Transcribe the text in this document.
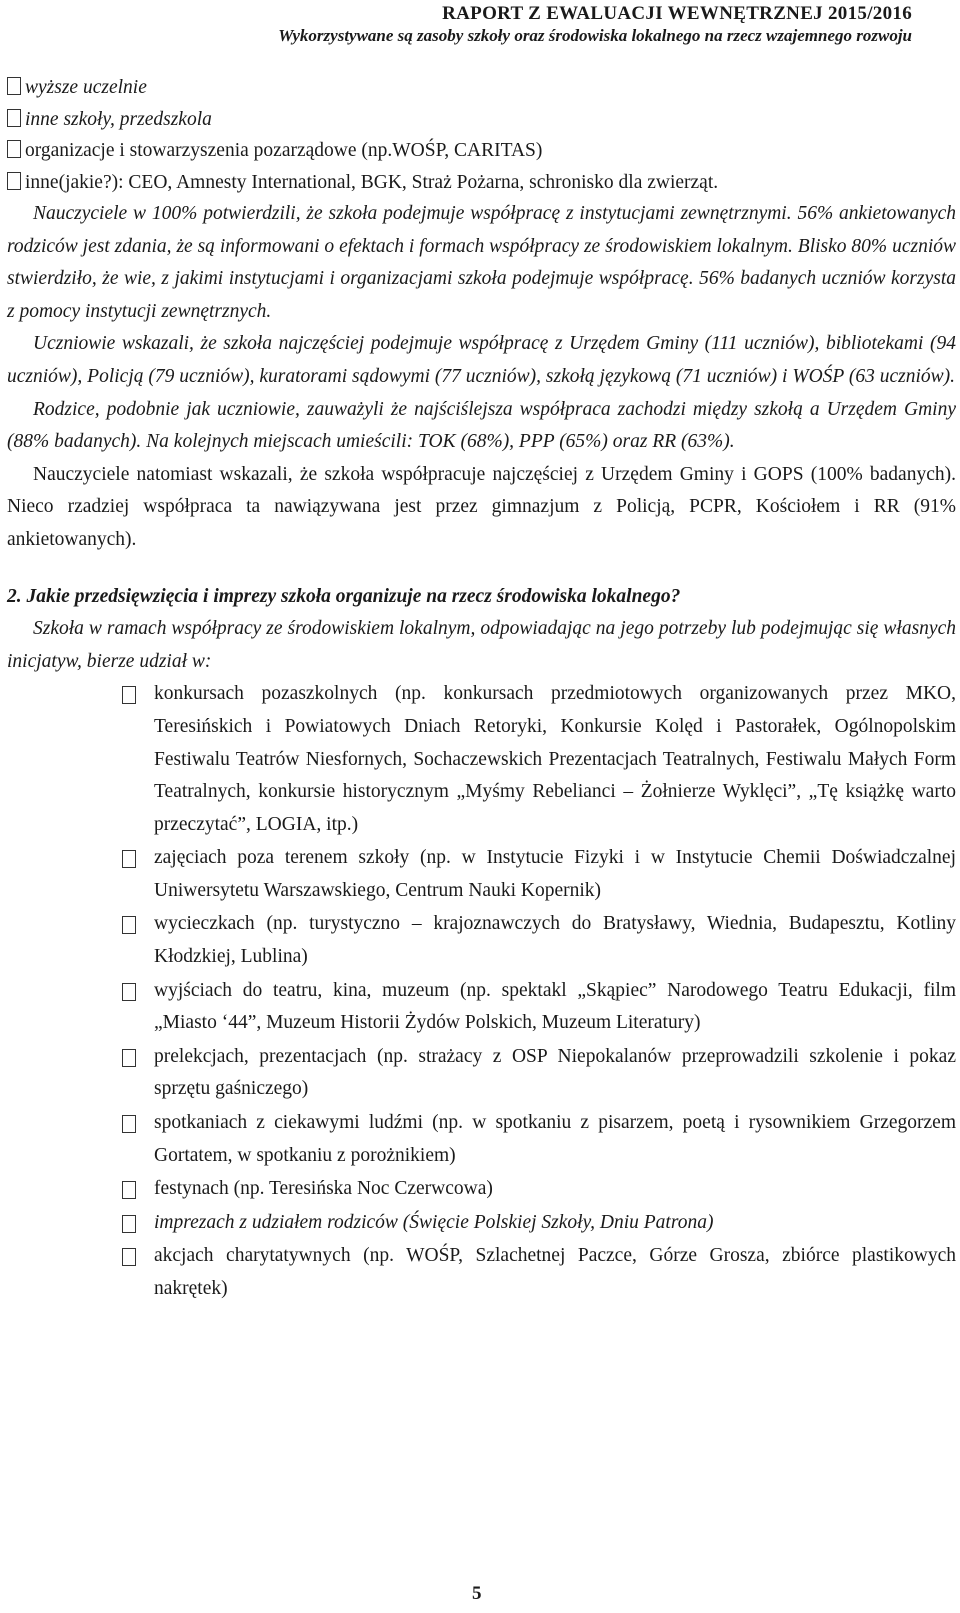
RAPORT Z EWALUACJI WEWNĘTRZNEJ 2015/2016
Wykorzystywane są zasoby szkoły oraz środowiska lokalnego na rzecz wzajemnego rozwoju
wyższe uczelnie
inne szkoły, przedszkola
organizacje i stowarzyszenia pozarządowe (np.WOŚP, CARITAS)
inne(jakie?): CEO, Amnesty International, BGK, Straż Pożarna, schronisko dla zwierząt.

Nauczyciele w 100% potwierdzili, że szkoła podejmuje współpracę z instytucjami zewnętrznymi. 56% ankietowanych rodziców jest zdania, że są informowani o efektach i formach współpracy ze środowiskiem lokalnym. Blisko 80% uczniów stwierdziło, że wie, z jakimi instytucjami i organizacjami szkoła podejmuje współpracę. 56% badanych uczniów korzysta z pomocy instytucji zewnętrznych.

Uczniowie wskazali, że szkoła najczęściej podejmuje współpracę z Urzędem Gminy (111 uczniów), bibliotekami (94 uczniów), Policją (79 uczniów), kuratorami sądowymi (77 uczniów), szkołą językową (71 uczniów) i WOŚP (63 uczniów).

Rodzice, podobnie jak uczniowie, zauważyli że najściślejsza współpraca zachodzi między szkołą a Urzędem Gminy (88% badanych). Na kolejnych miejscach umieścili: TOK (68%), PPP (65%) oraz RR (63%).

Nauczyciele natomiast wskazali, że szkoła współpracuje najczęściej z Urzędem Gminy i GOPS (100% badanych). Nieco rzadziej współpraca ta nawiązywana jest przez gimnazjum z Policją, PCPR, Kościołem i RR (91% ankietowanych).

2. Jakie przedsięwzięcia i imprezy szkoła organizuje na rzecz środowiska lokalnego?

Szkoła w ramach współpracy ze środowiskiem lokalnym, odpowiadając na jego potrzeby lub podejmując się własnych inicjatyw, bierze udział w:

konkursach pozaszkolnych (np. konkursach przedmiotowych organizowanych przez MKO, Teresińskich i Powiatowych Dniach Retoryki, Konkursie Kolęd i Pastorałek, Ogólnopolskim Festiwalu Teatrów Niesfornych, Sochaczewskich Prezentacjach Teatralnych, Festiwalu Małych Form Teatralnych, konkursie historycznym „Myśmy Rebelianci – Żołnierze Wyklęci”, „Tę książkę warto przeczytać”, LOGIA, itp.)
zajęciach poza terenem szkoły (np. w Instytucie Fizyki i w Instytucie Chemii Doświadczalnej Uniwersytetu Warszawskiego, Centrum Nauki Kopernik)
wycieczkach (np. turystyczno – krajoznawczych do Bratysławy, Wiednia, Budapesztu, Kotliny Kłodzkiej, Lublina)
wyjściach do teatru, kina, muzeum (np. spektakl „Skąpiec” Narodowego Teatru Edukacji, film „Miasto ‘44”, Muzeum Historii Żydów Polskich, Muzeum Literatury)
prelekcjach, prezentacjach (np. strażacy z OSP Niepokalanów przeprowadzili szkolenie i pokaz sprzętu gaśniczego)
spotkaniach z ciekawymi ludźmi (np. w spotkaniu z pisarzem, poetą i rysownikiem Grzegorzem Gortatem, w spotkaniu z porożnikiem)
festynach (np. Teresińska Noc Czerwcowa)
imprezach z udziałem rodziców (Święcie Polskiej Szkoły, Dniu Patrona)
akcjach charytatywnych (np. WOŚP, Szlachetnej Paczce, Górze Grosza, zbiórce plastikowych nakrętek)
5
